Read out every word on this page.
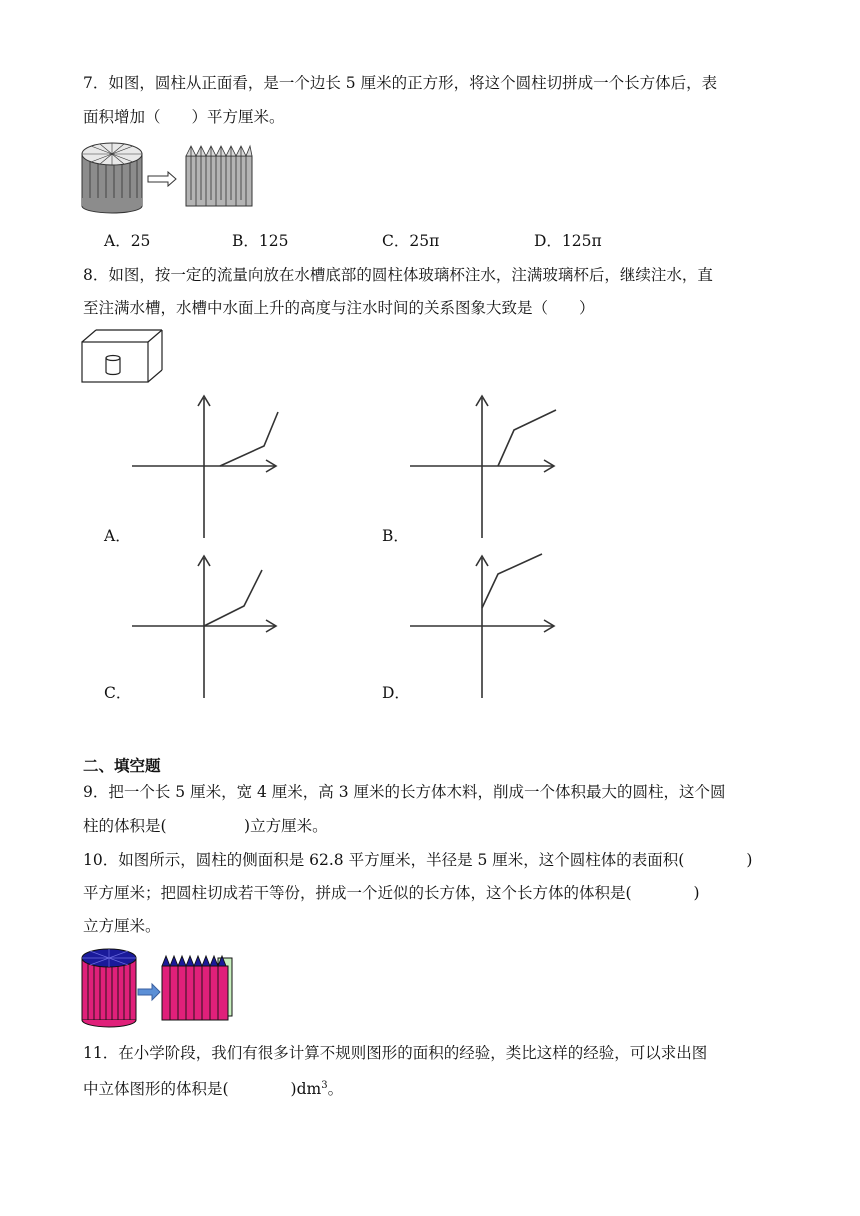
7．如图，圆柱从正面看，是一个边长 5 厘米的正方形，将这个圆柱切拼成一个长方体后，表
面积增加（　　）平方厘米。
A．25	B．125	C．25π	D．125π
8．如图，按一定的流量向放在水槽底部的圆柱体玻璃杯注水，注满玻璃杯后，继续注水，直
至注满水槽，水槽中水面上升的高度与注水时间的关系图象大致是（　　）
A．	B．
C．	D．
二、填空题
9．把一个长 5 厘米，宽 4 厘米，高 3 厘米的长方体木料，削成一个体积最大的圆柱，这个圆
柱的体积是(　　　　　)立方厘米。
10．如图所示，圆柱的侧面积是 62.8 平方厘米，半径是 5 厘米，这个圆柱体的表面积(　　　　)
平方厘米；把圆柱切成若干等份，拼成一个近似的长方体，这个长方体的体积是(　　　　)
立方厘米。
11．在小学阶段，我们有很多计算不规则图形的面积的经验，类比这样的经验，可以求出图
中立体图形的体积是(　　　　)$dm^3$。
